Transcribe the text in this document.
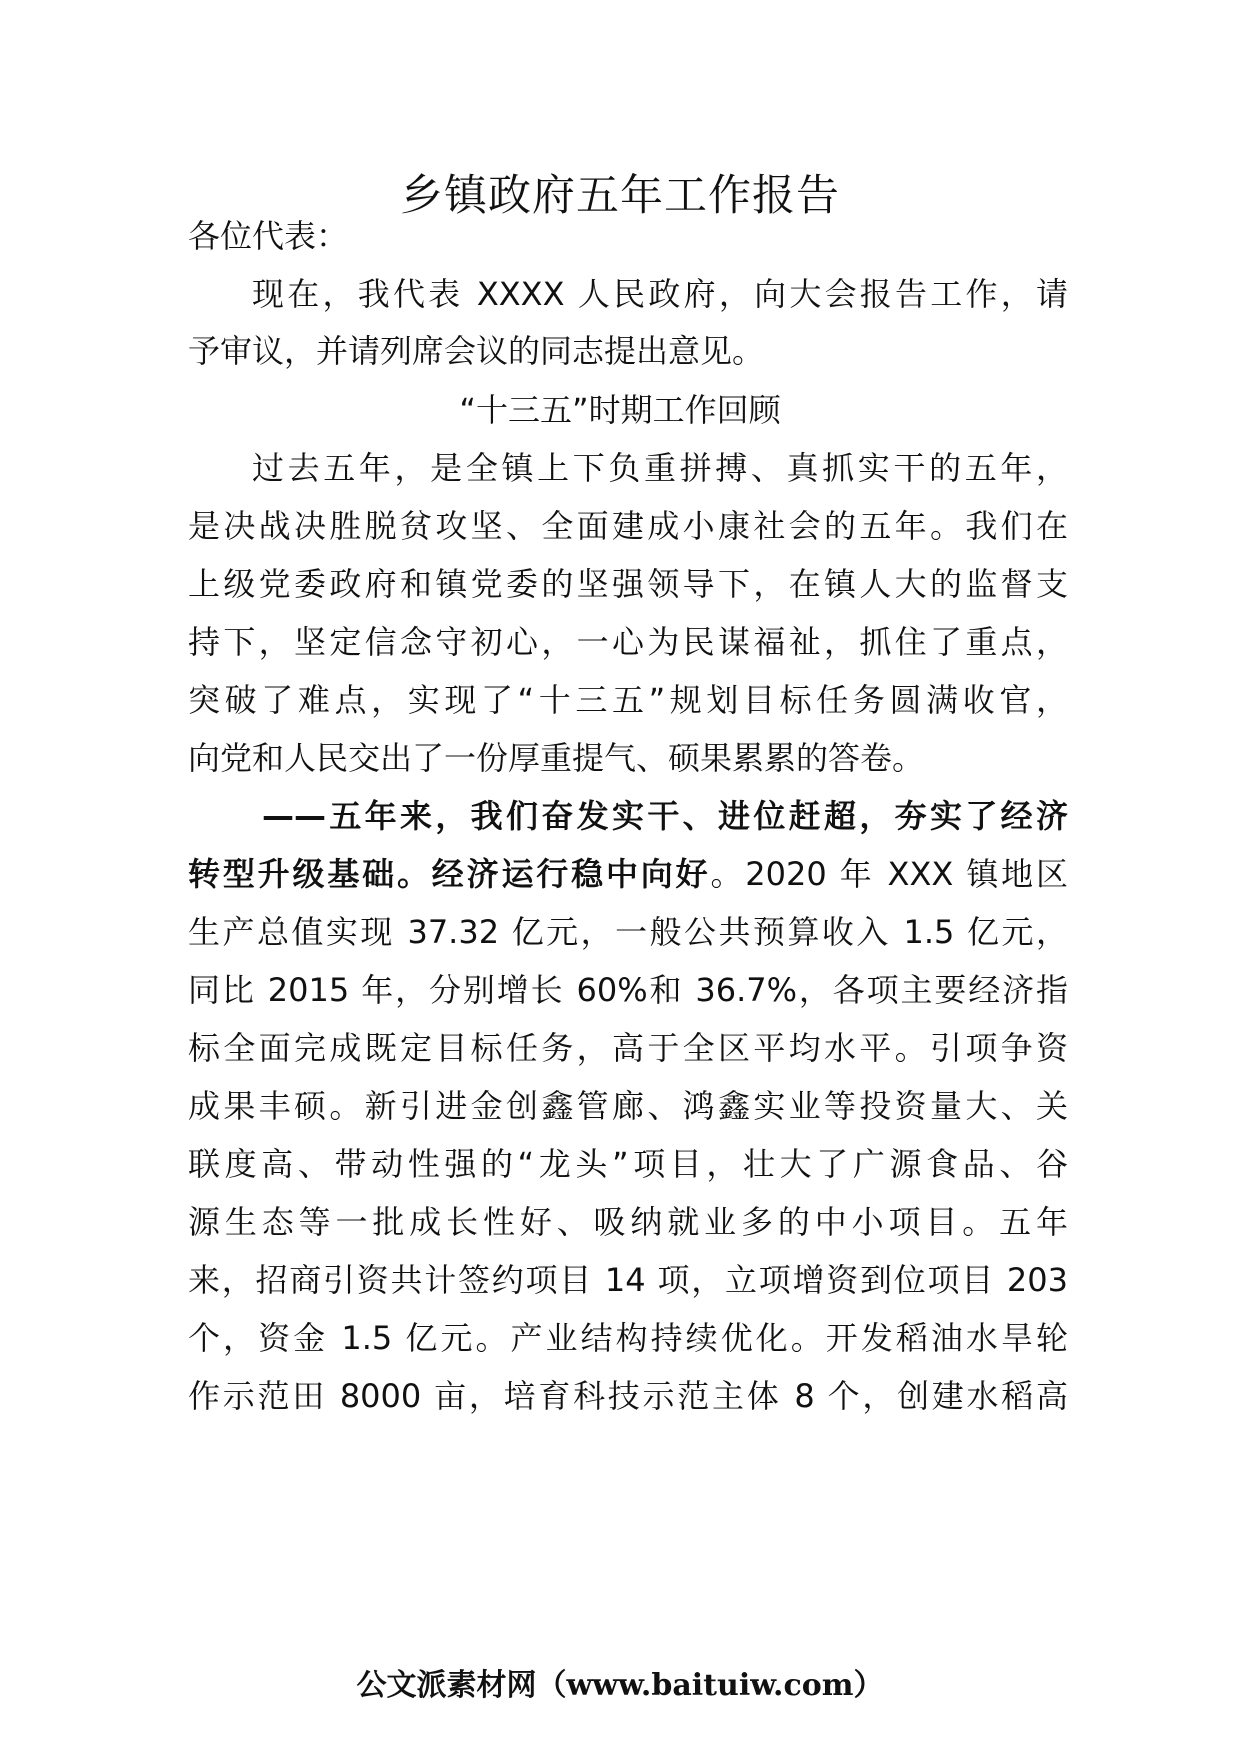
乡镇政府五年工作报告
各位代表：
现在，我代表 XXXX 人民政府，向大会报告工作，请
予审议，并请列席会议的同志提出意见。
“十三五”时期工作回顾
过去五年，是全镇上下负重拼搏、真抓实干的五年，
是决战决胜脱贫攻坚、全面建成小康社会的五年。我们在
上级党委政府和镇党委的坚强领导下，在镇人大的监督支
持下，坚定信念守初心，一心为民谋福祉，抓住了重点，
突破了难点，实现了“十三五”规划目标任务圆满收官，
向党和人民交出了一份厚重提气、硕果累累的答卷。
——五年来，我们奋发实干、进位赶超，夯实了经济
转型升级基础。经济运行稳中向好。2020 年 XXX 镇地区
生产总值实现 37.32 亿元，一般公共预算收入 1.5 亿元，
同比 2015 年，分别增长 60%和 36.7%，各项主要经济指
标全面完成既定目标任务，高于全区平均水平。引项争资
成果丰硕。新引进金创鑫管廊、鸿鑫实业等投资量大、关
联度高、带动性强的“龙头”项目，壮大了广源食品、谷
源生态等一批成长性好、吸纳就业多的中小项目。五年
来，招商引资共计签约项目 14 项，立项增资到位项目 203
个，资金 1.5 亿元。产业结构持续优化。开发稻油水旱轮
作示范田 8000 亩，培育科技示范主体 8 个，创建水稻高
公文派素材网（www.baituiw.com）
